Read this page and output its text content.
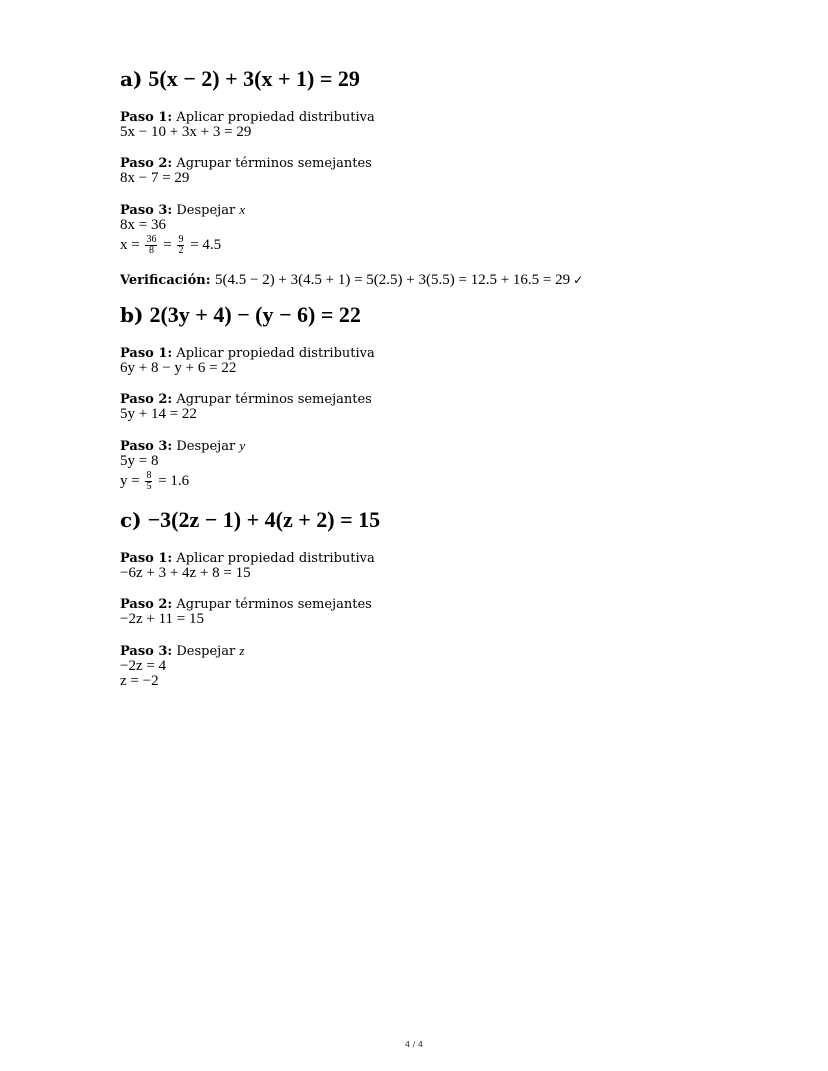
a) 5(x − 2) + 3(x + 1) = 29
Paso 1: Aplicar propiedad distributiva
5x − 10 + 3x + 3 = 29
Paso 2: Agrupar términos semejantes
8x − 7 = 29
Paso 3: Despejar x
8x = 36
$x = \frac{36}{8} = \frac{9}{2} = 4.5$
Verificación: 5(4.5 − 2) + 3(4.5 + 1) = 5(2.5) + 3(5.5) = 12.5 + 16.5 = 29 ✓
b) 2(3y + 4) − (y − 6) = 22
Paso 1: Aplicar propiedad distributiva
6y + 8 − y + 6 = 22
Paso 2: Agrupar términos semejantes
5y + 14 = 22
Paso 3: Despejar y
5y = 8
$y = \frac{8}{5} = 1.6$
c) −3(2z − 1) + 4(z + 2) = 15
Paso 1: Aplicar propiedad distributiva
−6z + 3 + 4z + 8 = 15
Paso 2: Agrupar términos semejantes
−2z + 11 = 15
Paso 3: Despejar z
−2z = 4
z = −2
4 / 4
